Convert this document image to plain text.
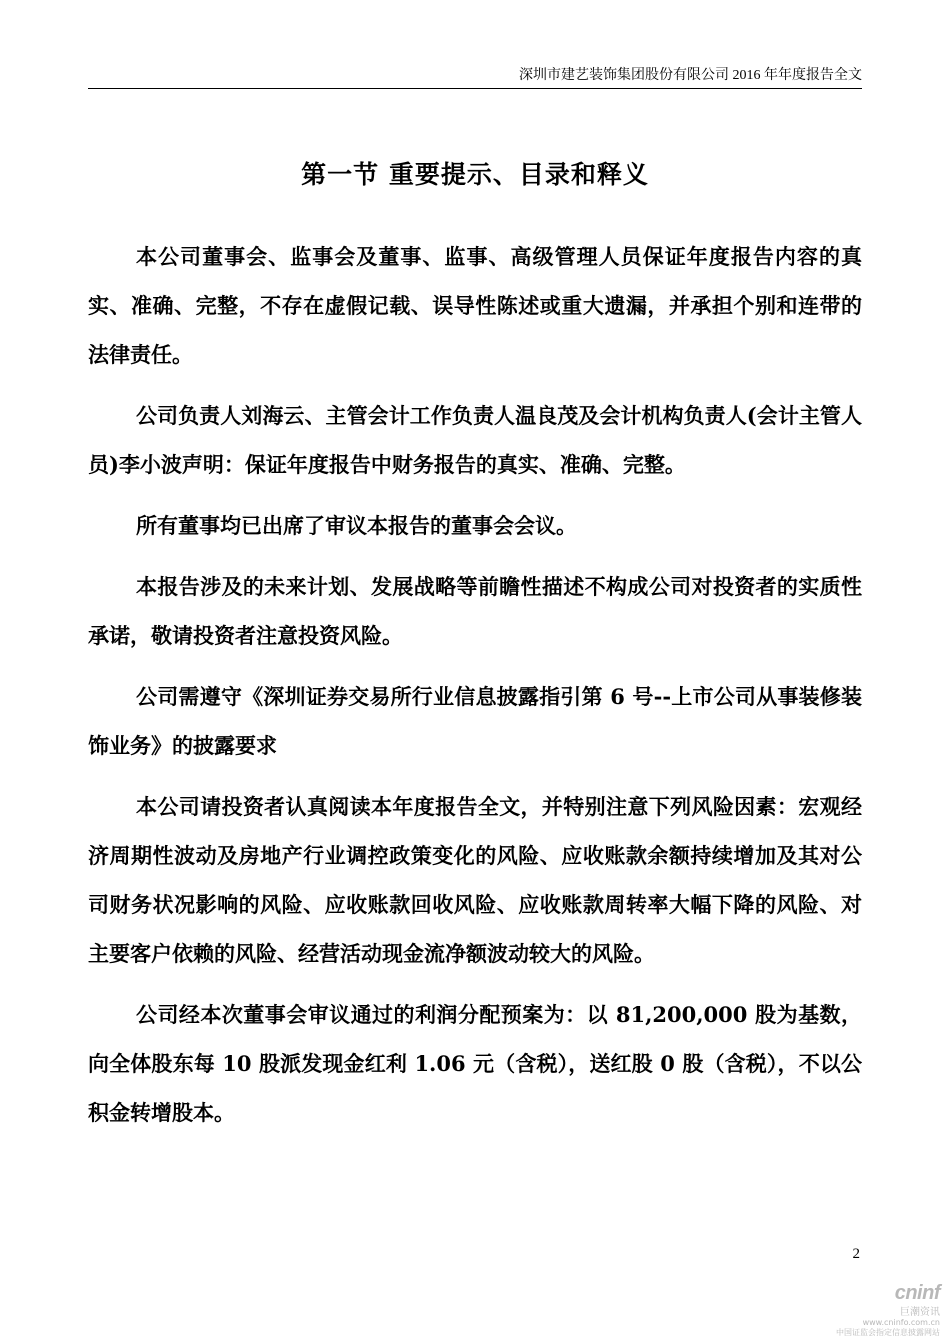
深圳市建艺装饰集团股份有限公司 2016 年年度报告全文
第一节 重要提示、目录和释义

本公司董事会、监事会及董事、监事、高级管理人员保证年度报告内容的真实、准确、完整，不存在虚假记载、误导性陈述或重大遗漏，并承担个别和连带的法律责任。

公司负责人刘海云、主管会计工作负责人温良茂及会计机构负责人(会计主管人员)李小波声明：保证年度报告中财务报告的真实、准确、完整。

所有董事均已出席了审议本报告的董事会会议。

本报告涉及的未来计划、发展战略等前瞻性描述不构成公司对投资者的实质性承诺，敬请投资者注意投资风险。

公司需遵守《深圳证券交易所行业信息披露指引第 6 号--上市公司从事装修装饰业务》的披露要求

本公司请投资者认真阅读本年度报告全文，并特别注意下列风险因素：宏观经济周期性波动及房地产行业调控政策变化的风险、应收账款余额持续增加及其对公司财务状况影响的风险、应收账款回收风险、应收账款周转率大幅下降的风险、对主要客户依赖的风险、经营活动现金流净额波动较大的风险。

公司经本次董事会审议通过的利润分配预案为：以 81,200,000 股为基数，向全体股东每 10 股派发现金红利 1.06 元（含税），送红股 0 股（含税），不以公积金转增股本。

2
cninf
巨潮资讯
www.cninfo.com.cn
中国证监会指定信息披露网站
